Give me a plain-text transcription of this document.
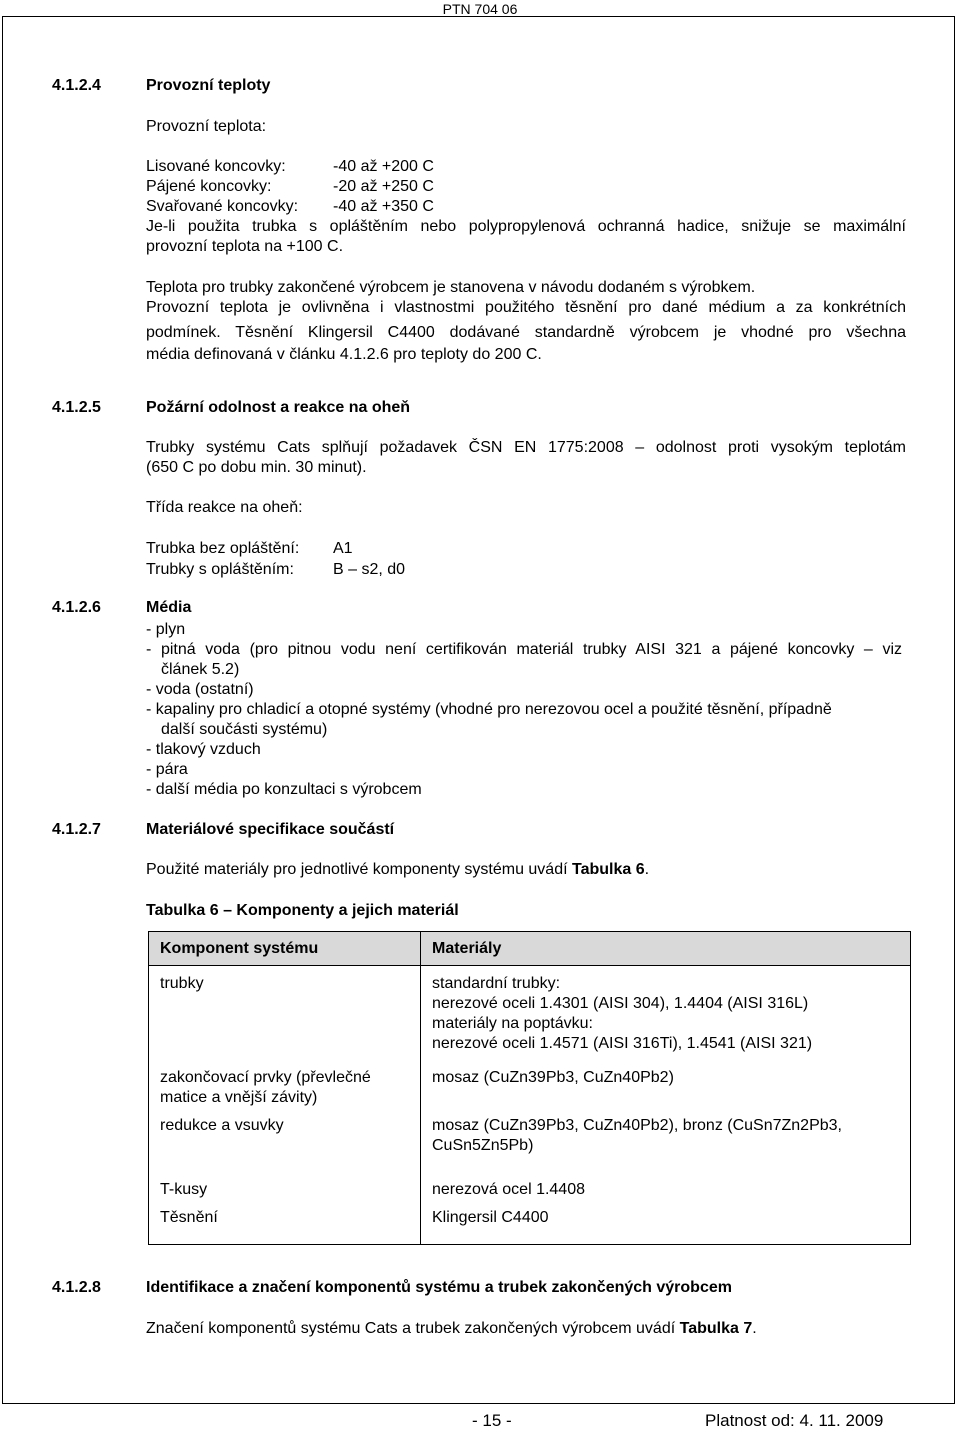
PTN 704 06
4.1.2.4	Provozní teploty
Provozní teplota:
Lisované koncovky:	-40 až +200 C
Pájené koncovky:	-20 až +250 C
Svařované koncovky: -40 až +350 C
Je-li použita trubka s opláštěním nebo polypropylenová ochranná hadice, snižuje se maximální
provozní teplota na +100 C.
Teplota pro trubky zakončené výrobcem je stanovena v návodu dodaném s výrobkem.
Provozní teplota je ovlivněna i vlastnostmi použitého těsnění pro dané médium a za konkrétních
podmínek. Těsnění Klingersil C4400 dodávané standardně výrobcem je vhodné pro všechna
média definovaná v článku 4.1.2.6 pro teploty do 200 C.
4.1.2.5	Požární odolnost a reakce na oheň
Trubky systému Cats splňují požadavek ČSN EN 1775:2008 – odolnost proti vysokým teplotám
(650 C po dobu min. 30 minut).
Třída reakce na oheň:
Trubka bez opláštění: A1
Trubky s opláštěním: B – s2, d0
4.1.2.6	Média
- plyn
- pitná voda (pro pitnou vodu není certifikován materiál trubky AISI 321 a pájené koncovky – viz
článek 5.2)
- voda (ostatní)
- kapaliny pro chladicí a otopné systémy (vhodné pro nerezovou ocel a použité těsnění, případně
další součásti systému)
- tlakový vzduch
- pára
- další média po konzultaci s výrobcem
4.1.2.7	Materiálové specifikace součástí
Použité materiály pro jednotlivé komponenty systému uvádí Tabulka 6.
Tabulka 6 – Komponenty a jejich materiál
Komponent systému	Materiály
trubky	standardní trubky:
nerezové oceli 1.4301 (AISI 304), 1.4404 (AISI 316L)
materiály na poptávku:
nerezové oceli 1.4571 (AISI 316Ti), 1.4541 (AISI 321)

zakončovací prvky (převlečné
matice a vnější závity)	mosaz (CuZn39Pb3, CuZn40Pb2)
redukce a vsuvky	mosaz (CuZn39Pb3, CuZn40Pb2), bronz (CuSn7Zn2Pb3,
CuSn5Zn5Pb)

T-kusy	nerezová ocel 1.4408
Těsnění	Klingersil C4400
4.1.2.8	Identifikace a značení komponentů systému a trubek zakončených výrobcem
Značení komponentů systému Cats a trubek zakončených výrobcem uvádí Tabulka 7.
- 15 -	Platnost od: 4. 11. 2009
